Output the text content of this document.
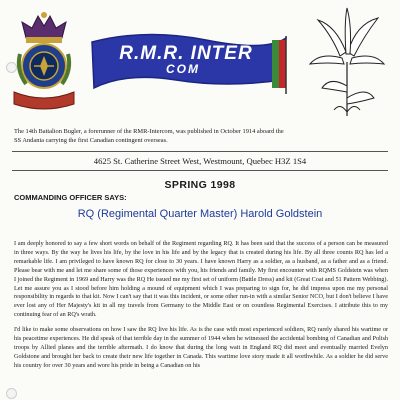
R.M.R. INTER
COM
The 14th Battalion Bugler, a forerunner of the RMR-Intercom, was published in October 1914 aboard the SS Andania carrying the first Canadian contingent overseas.
4625 St. Catherine Street West, Westmount, Quebec H3Z 1S4
SPRING 1998
COMMANDING OFFICER SAYS:
RQ (Regimental Quarter Master) Harold Goldstein
I am deeply honored to say a few short words on behalf of the Regiment regarding RQ. It has been said that the success of a person can be measured in three ways. By the way he lives his life, by the love in his life and by the legacy that is created during his life. By all three counts RQ has led a remarkable life. I am privileged to have known RQ for close to 30 years. I have known Harry as a soldier, as a husband, as a father and as a friend. Please bear with me and let me share some of those experiences with you, his friends and family. My first encounter with RQMS Goldstein was when I joined the Regiment in 1969 and Harry was the RQ He issued me my first set of uniform (Battle Dress) and kit (Great Coat and 51 Pattern Webbing). Let me assure you as I stood before him holding a mound of equipment which I was preparing to sign for, he did impress upon me my personal responsibility in regards to that kit. Now I can't say that it was this incident, or some other run-in with a similar Senior NCO, but I don't believe I have ever lost any of Her Majesty's kit in all my travels from Germany to the Middle East or on countless Regimental Exercises. I attribute this to my continuing fear of an RQ's wrath.
I'd like to make some observations on how I saw the RQ live his life. As is the case with most experienced soldiers, RQ rarely shared his wartime or his peacetime experiences. He did speak of that terrible day in the summer of 1944 when he witnessed the accidental bombing of Canadian and Polish troops by Allied planes and the terrible aftermath. I do know that during the long wait in England RQ did meet and eventually married Evelyn Goldstone and brought her back to create their new life together in Canada. This wartime love story made it all worthwhile. As a soldier he did serve his country for over 30 years and wore his pride in being a Canadian on his
